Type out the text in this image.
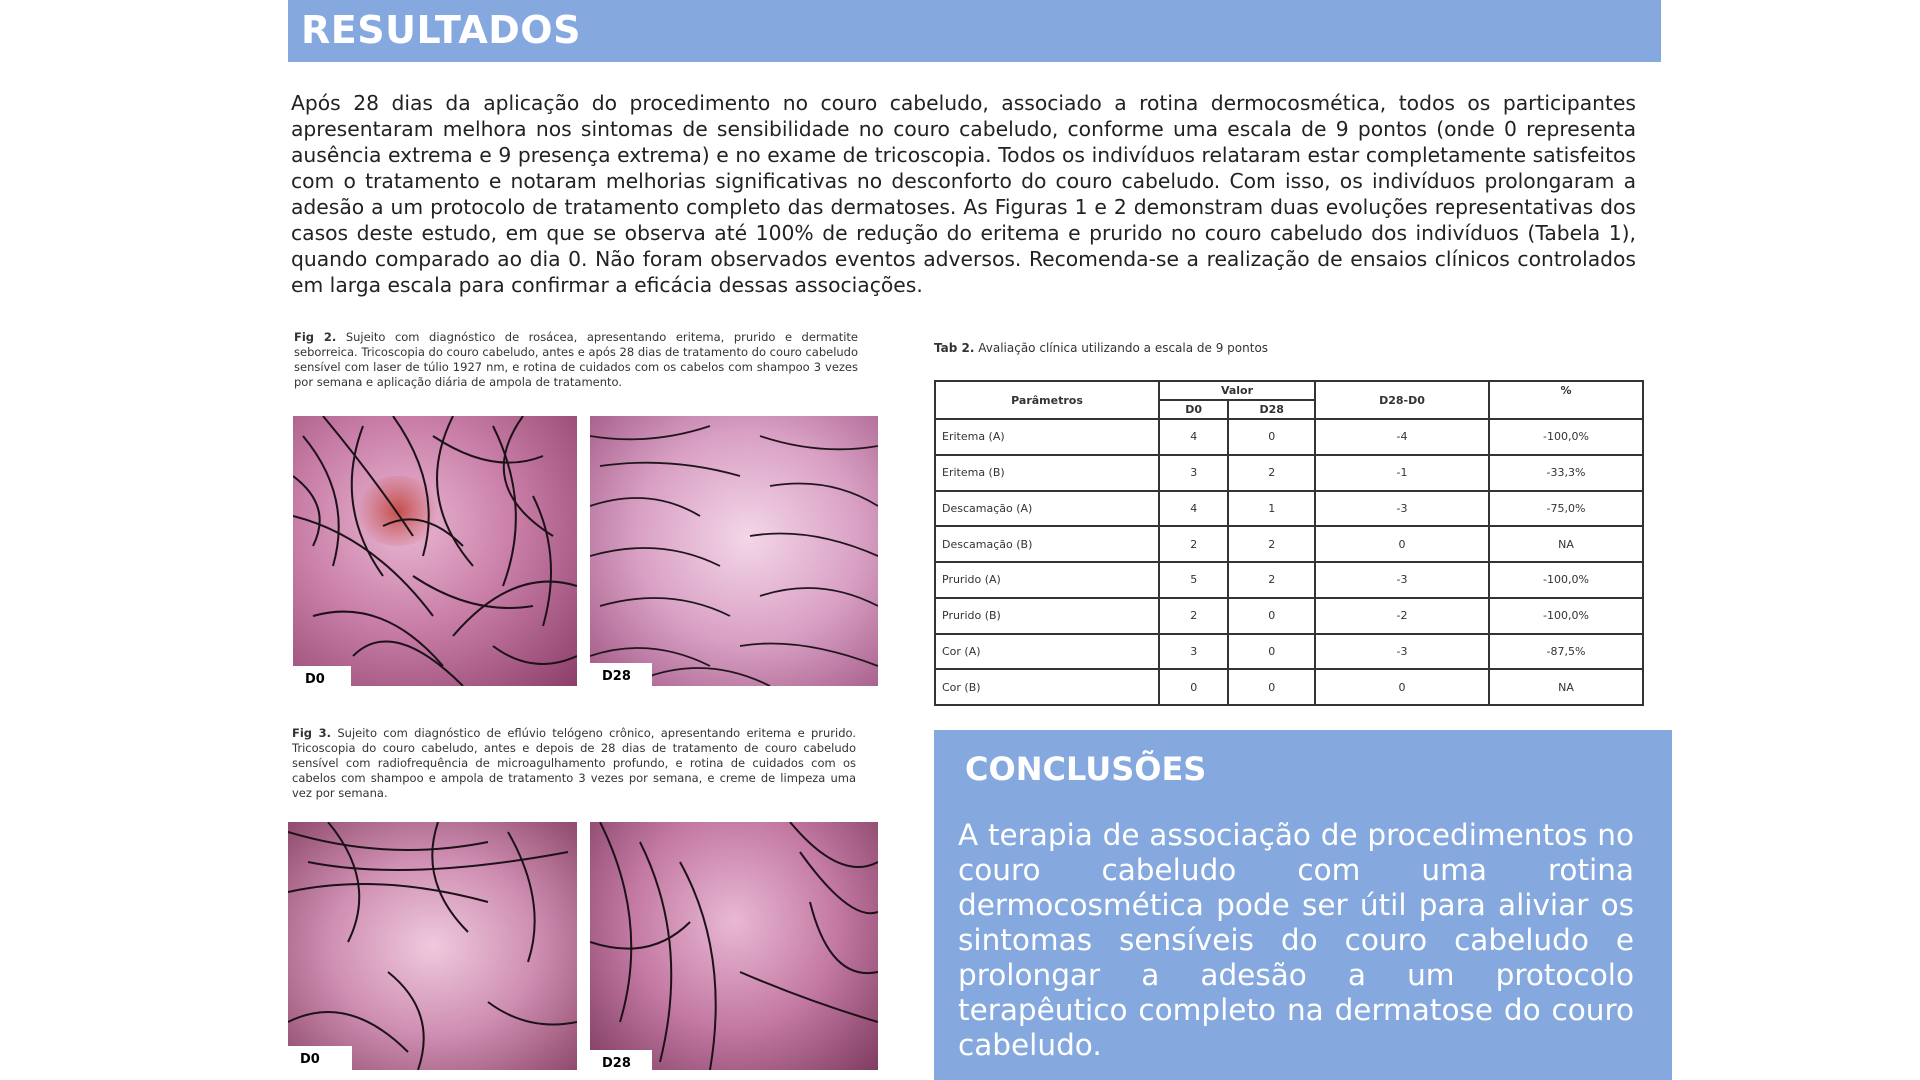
RESULTADOS

Após 28 dias da aplicação do procedimento no couro cabeludo, associado a rotina dermocosmética, todos os participantes apresentaram melhora nos sintomas de sensibilidade no couro cabeludo, conforme uma escala de 9 pontos (onde 0 representa ausência extrema e 9 presença extrema) e no exame de tricoscopia. Todos os indivíduos relataram estar completamente satisfeitos com o tratamento e notaram melhorias significativas no desconforto do couro cabeludo. Com isso, os indivíduos prolongaram a adesão a um protocolo de tratamento completo das dermatoses. As Figuras 1 e 2 demonstram duas evoluções representativas dos casos deste estudo, em que se observa até 100% de redução do eritema e prurido no couro cabeludo dos indivíduos (Tabela 1), quando comparado ao dia 0. Não foram observados eventos adversos. Recomenda-se a realização de ensaios clínicos controlados em larga escala para confirmar a eficácia dessas associações.

Fig 2. Sujeito com diagnóstico de rosácea, apresentando eritema, prurido e dermatite seborreica. Tricoscopia do couro cabeludo, antes e após 28 dias de tratamento do couro cabeludo sensível com laser de túlio 1927 nm, e rotina de cuidados com os cabelos com shampoo 3 vezes por semana e aplicação diária de ampola de tratamento.

D0	D28

Fig 3. Sujeito com diagnóstico de eflúvio telógeno crônico, apresentando eritema e prurido. Tricoscopia do couro cabeludo, antes e depois de 28 dias de tratamento de couro cabeludo sensível com radiofrequência de microagulhamento profundo, e rotina de cuidados com os cabelos com shampoo e ampola de tratamento 3 vezes por semana, e creme de limpeza uma vez por semana.

D0	D28

Tab 2. Avaliação clínica utilizando a escala de 9 pontos

Parâmetros	Valor		D28-D0	%
	D0	D28		
Eritema (A)	4	0	-4	-100,0%
Eritema (B)	3	2	-1	-33,3%
Descamação (A)	4	1	-3	-75,0%
Descamação (B)	2	2	0	NA
Prurido (A)	5	2	-3	-100,0%
Prurido (B)	2	0	-2	-100,0%
Cor (A)	3	0	-3	-87,5%
Cor (B)	0	0	0	NA
CONCLUSÕES

A terapia de associação de procedimentos no couro cabeludo com uma rotina dermocosmética pode ser útil para aliviar os sintomas sensíveis do couro cabeludo e prolongar a adesão a um protocolo terapêutico completo na dermatose do couro cabeludo.
